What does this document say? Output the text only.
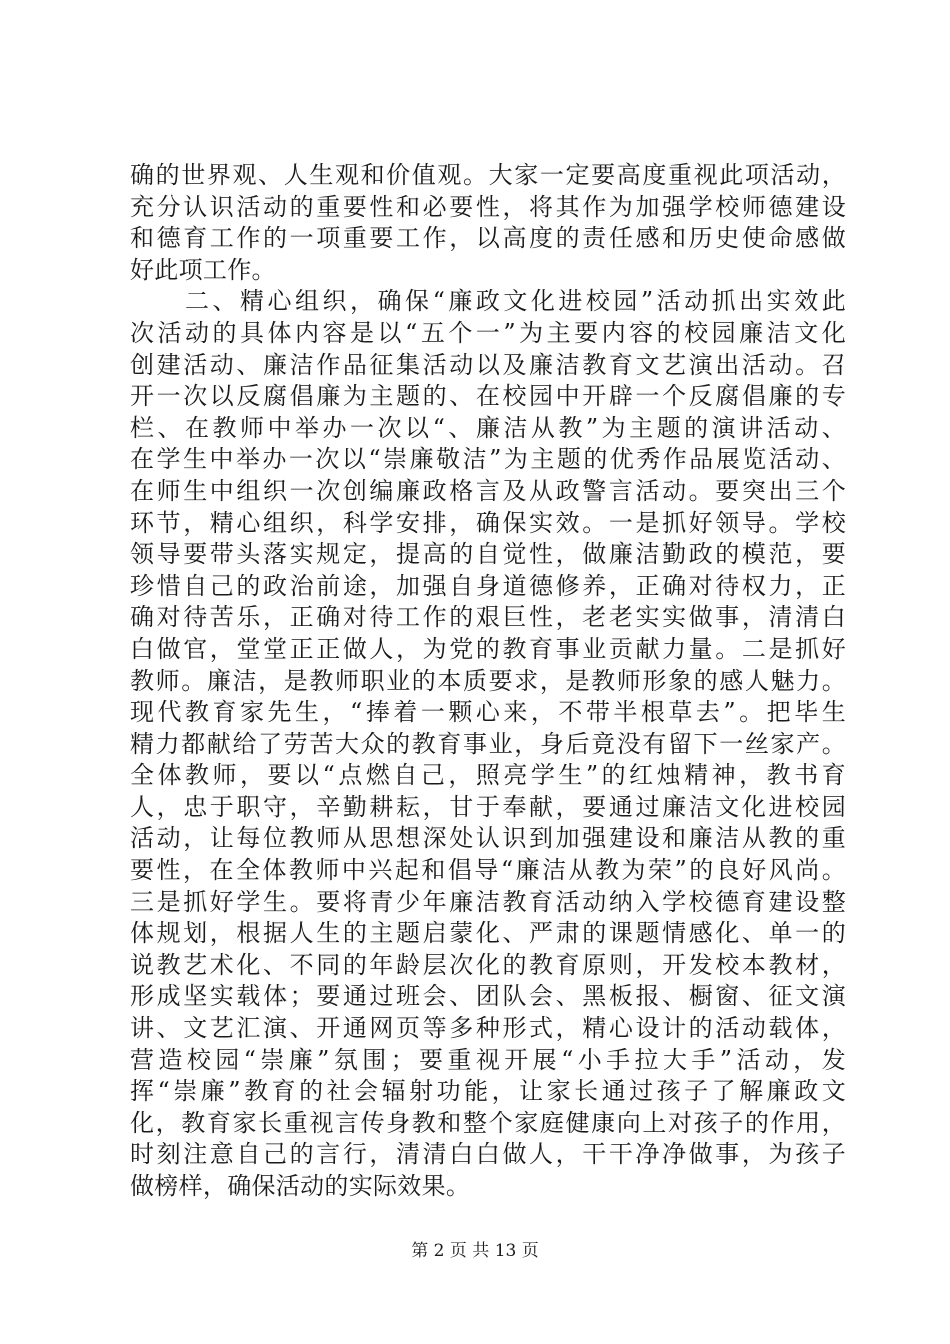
确的世界观、人生观和价值观。大家一定要高度重视此项活动，
充分认识活动的重要性和必要性，将其作为加强学校师德建设
和德育工作的一项重要工作，以高度的责任感和历史使命感做
好此项工作。
　　二、精心组织，确保“廉政文化进校园”活动抓出实效此
次活动的具体内容是以“五个一”为主要内容的校园廉洁文化
创建活动、廉洁作品征集活动以及廉洁教育文艺演出活动。召
开一次以反腐倡廉为主题的、在校园中开辟一个反腐倡廉的专
栏、在教师中举办一次以“、廉洁从教”为主题的演讲活动、
在学生中举办一次以“崇廉敬洁”为主题的优秀作品展览活动、
在师生中组织一次创编廉政格言及从政警言活动。要突出三个
环节，精心组织，科学安排，确保实效。一是抓好领导。学校
领导要带头落实规定，提高的自觉性，做廉洁勤政的模范，要
珍惜自己的政治前途，加强自身道德修养，正确对待权力，正
确对待苦乐，正确对待工作的艰巨性，老老实实做事，清清白
白做官，堂堂正正做人，为党的教育事业贡献力量。二是抓好
教师。廉洁，是教师职业的本质要求，是教师形象的感人魅力。
现代教育家先生，“捧着一颗心来，不带半根草去”。把毕生
精力都献给了劳苦大众的教育事业，身后竟没有留下一丝家产。
全体教师，要以“点燃自己，照亮学生”的红烛精神，教书育
人，忠于职守，辛勤耕耘，甘于奉献，要通过廉洁文化进校园
活动，让每位教师从思想深处认识到加强建设和廉洁从教的重
要性，在全体教师中兴起和倡导“廉洁从教为荣”的良好风尚。
三是抓好学生。要将青少年廉洁教育活动纳入学校德育建设整
体规划，根据人生的主题启蒙化、严肃的课题情感化、单一的
说教艺术化、不同的年龄层次化的教育原则，开发校本教材，
形成坚实载体；要通过班会、团队会、黑板报、橱窗、征文演
讲、文艺汇演、开通网页等多种形式，精心设计的活动载体，
营造校园“崇廉”氛围；要重视开展“小手拉大手”活动，发
挥“崇廉”教育的社会辐射功能，让家长通过孩子了解廉政文
化，教育家长重视言传身教和整个家庭健康向上对孩子的作用，
时刻注意自己的言行，清清白白做人，干干净净做事，为孩子
做榜样，确保活动的实际效果。
第 2 页 共 13 页
